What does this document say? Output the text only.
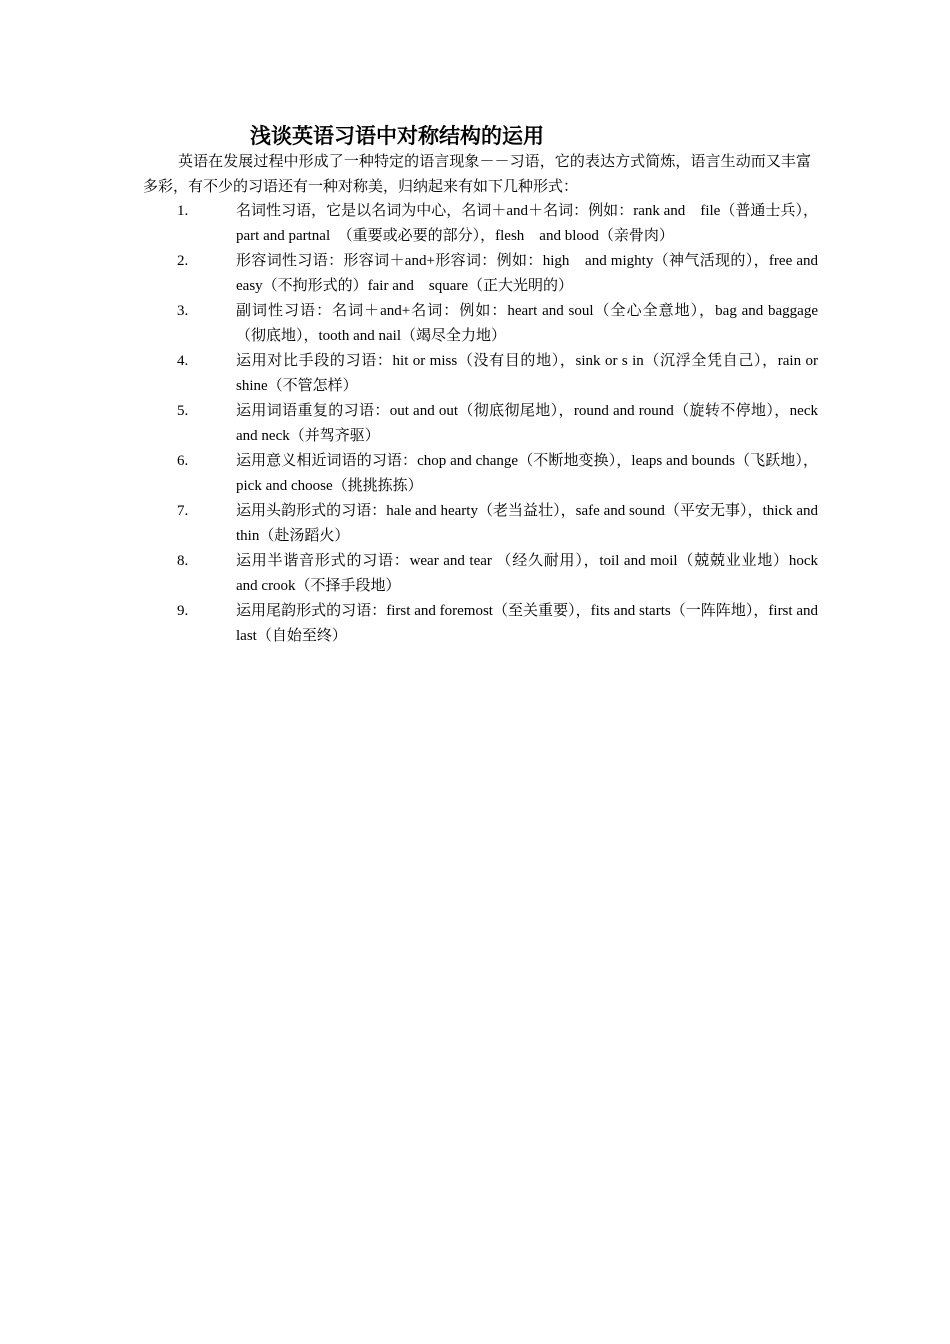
浅谈英语习语中对称结构的运用
英语在发展过程中形成了一种特定的语言现象－－习语，它的表达方式简炼，语言生动而又丰富多彩，有不少的习语还有一种对称美，归纳起来有如下几种形式：
1.	名词性习语，它是以名词为中心，名词＋and＋名词：例如：rank and　file（普通士兵），part and partnal　（重要或必要的部分），flesh　and blood（亲骨肉）
2.	形容词性习语：形容词＋and+形容词：例如：high　and mighty（神气活现的），free and easy（不拘形式的）fair and　square（正大光明的）
3.	副词性习语：名词＋and+名词：例如：heart and soul（全心全意地），bag and baggage （彻底地），tooth and nail（竭尽全力地）
4.	运用对比手段的习语：hit or miss（没有目的地），sink or s in（沉浮全凭自己），rain or shine（不管怎样）
5.	运用词语重复的习语：out and out（彻底彻尾地），round and round（旋转不停地），neck and neck（并驾齐驱）
6.	运用意义相近词语的习语：chop and change（不断地变换），leaps and bounds（飞跃地），pick and choose（挑挑拣拣）
7.	运用头韵形式的习语：hale and hearty（老当益壮），safe and sound（平安无事），thick and thin（赴汤蹈火）
8.	运用半谐音形式的习语：wear and tear （经久耐用），toil and moil（兢兢业业地）hock and crook（不择手段地）
9.	运用尾韵形式的习语：first and foremost（至关重要），fits and starts（一阵阵地），first and last（自始至终）
